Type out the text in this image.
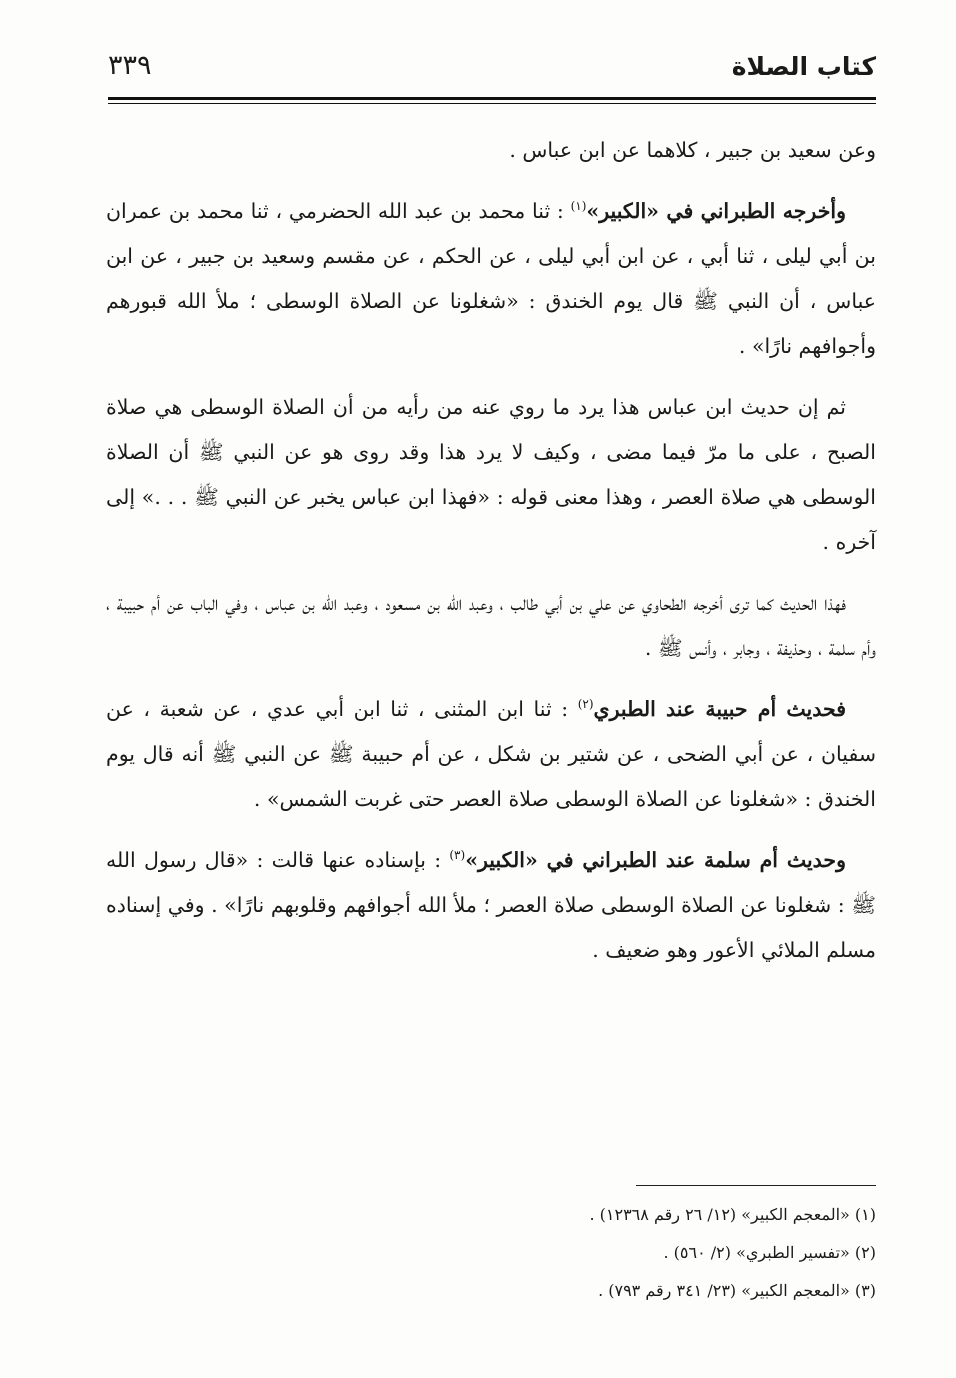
كتاب الصلاة
٣٣٩

وعن سعيد بن جبير ، كلاهما عن ابن عباس .

وأخرجه الطبراني في «الكبير»$^{(١)}$ : ثنا محمد بن عبد الله الحضرمي ، ثنا محمد بن عمران بن أبي ليلى ، ثنا أبي ، عن ابن أبي ليلى ، عن الحكم ، عن مقسم وسعيد بن جبير ، عن ابن عباس ، أن النبي ﷺ قال يوم الخندق : «شغلونا عن الصلاة الوسطى ؛ ملأ الله قبورهم وأجوافهم نارًا» .

ثم إن حديث ابن عباس هذا يرد ما روي عنه من رأيه من أن الصلاة الوسطى هي صلاة الصبح ، على ما مرّ فيما مضى ، وكيف لا يرد هذا وقد روى هو عن النبي ﷺ أن الصلاة الوسطى هي صلاة العصر ، وهذا معنى قوله : «فهذا ابن عباس يخبر عن النبي ﷺ . . .» إلى آخره .

فهذا الحديث كما ترى أخرجه الطحاوي عن علي بن أبي طالب ، وعبد الله بن مسعود ، وعبد الله بن عباس ، وفي الباب عن أم حبيبة ، وأم سلمة ، وحذيفة ، وجابر ، وأنس ﷺ .

فحديث أم حبيبة عند الطبري$^{(٢)}$ : ثنا ابن المثنى ، ثنا ابن أبي عدي ، عن شعبة ، عن سفيان ، عن أبي الضحى ، عن شتير بن شكل ، عن أم حبيبة ﷺ عن النبي ﷺ أنه قال يوم الخندق : «شغلونا عن الصلاة الوسطى صلاة العصر حتى غربت الشمس» .

وحديث أم سلمة عند الطبراني في «الكبير»$^{(٣)}$ : بإسناده عنها قالت : «قال رسول الله ﷺ : شغلونا عن الصلاة الوسطى صلاة العصر ؛ ملأ الله أجوافهم وقلوبهم نارًا» . وفي إسناده مسلم الملائي الأعور وهو ضعيف .

(١) «المعجم الكبير» (١٢/ ٢٦ رقم ١٢٣٦٨) .
(٢) «تفسير الطبري» (٢/ ٥٦٠) .
(٣) «المعجم الكبير» (٢٣/ ٣٤١ رقم ٧٩٣) .
